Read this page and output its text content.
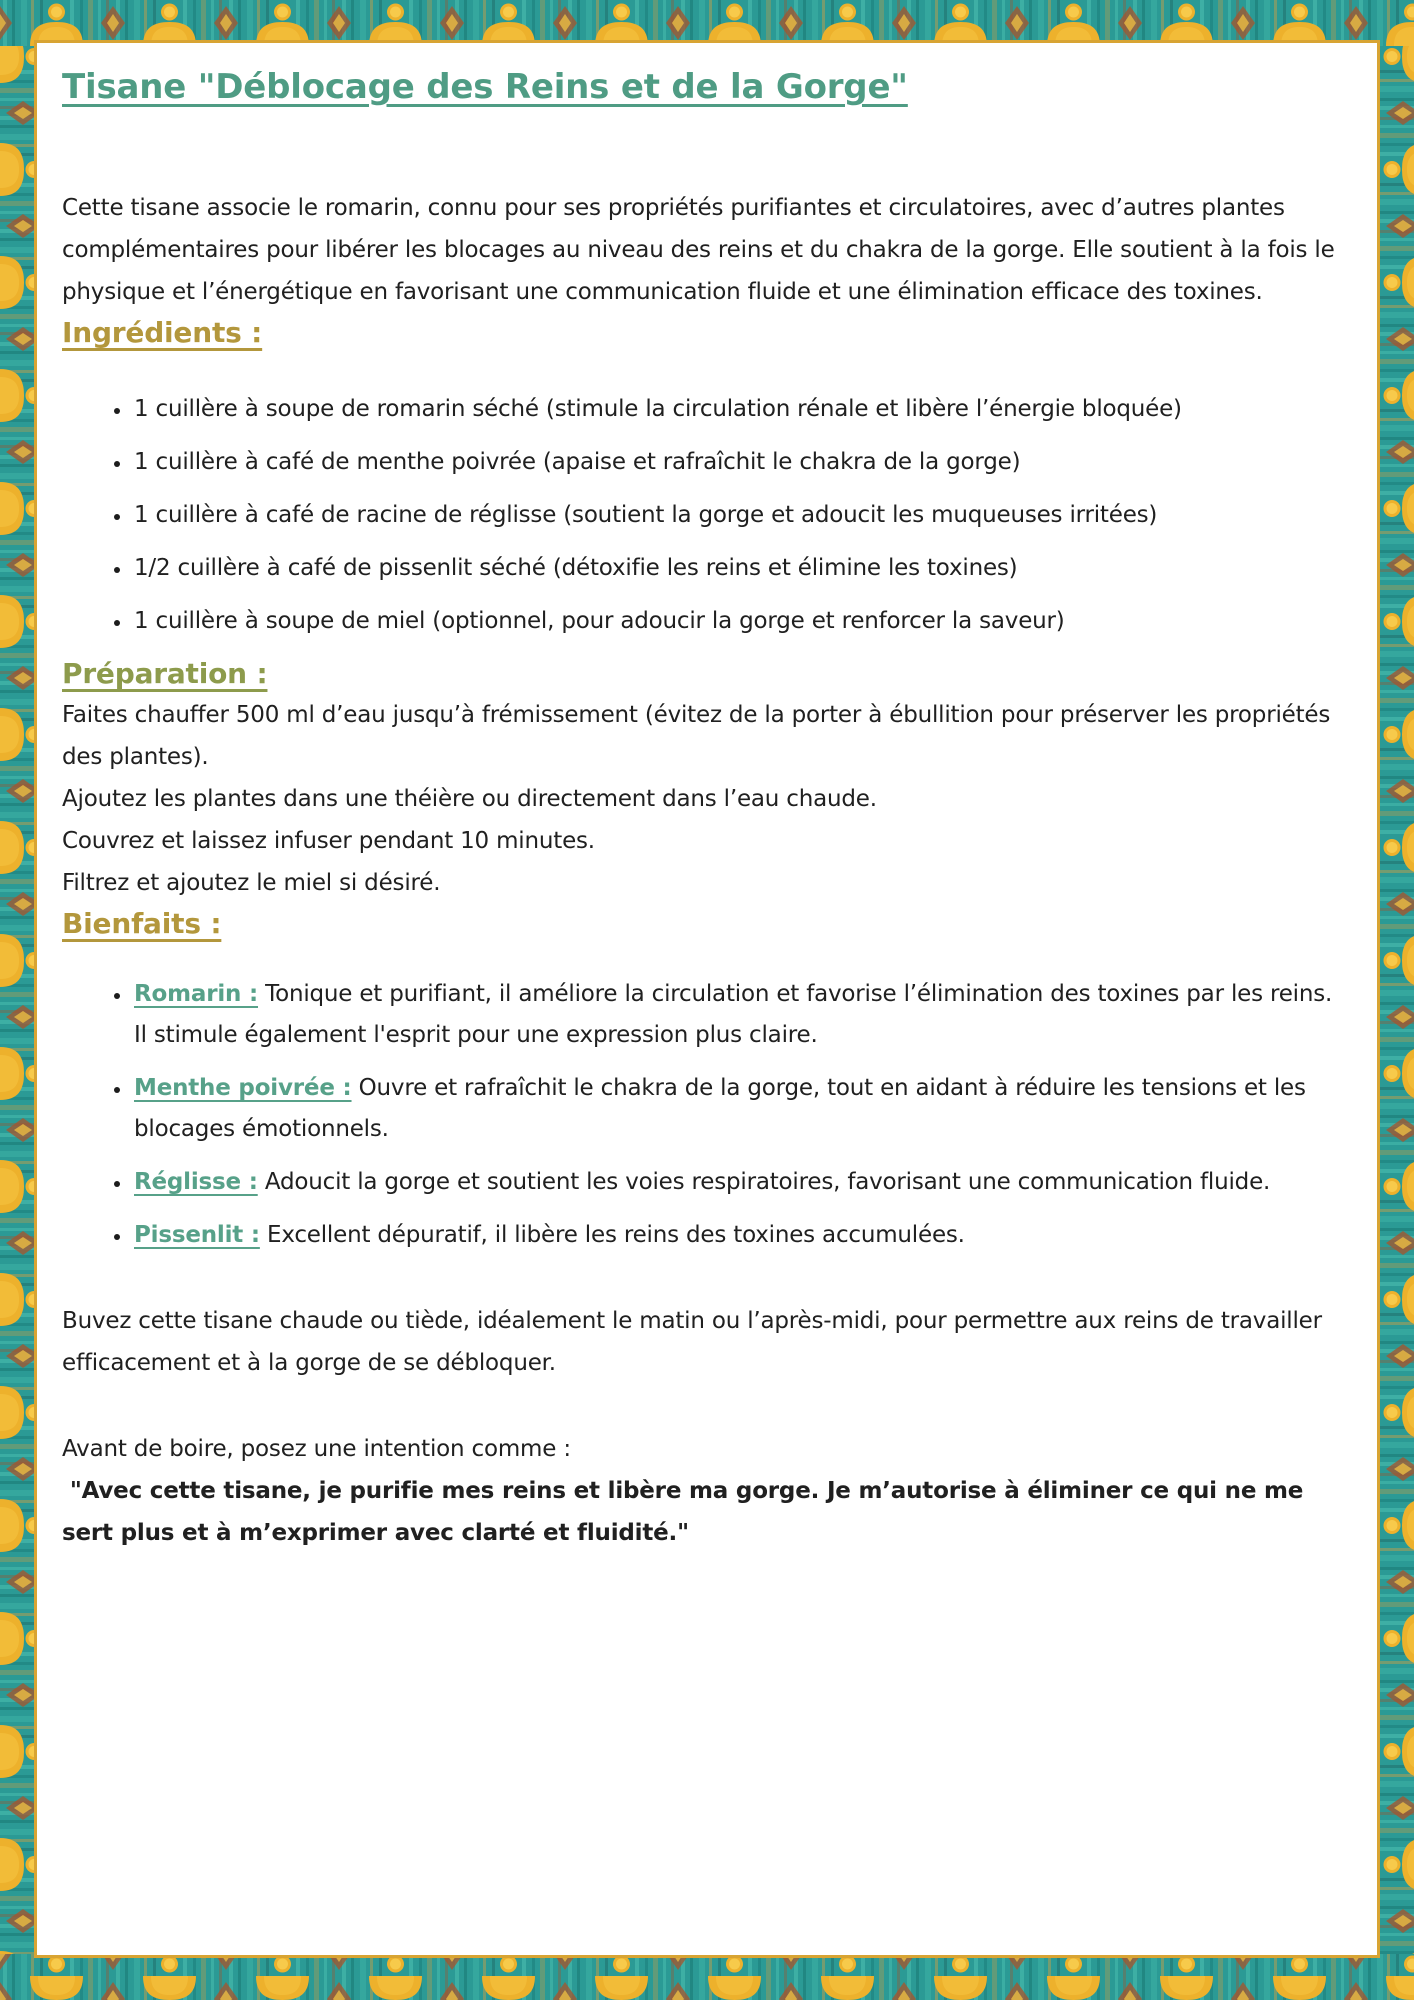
Tisane "Déblocage des Reins et de la Gorge"

Cette tisane associe le romarin, connu pour ses propriétés purifiantes et circulatoires, avec d’autres plantes complémentaires pour libérer les blocages au niveau des reins et du chakra de la gorge. Elle soutient à la fois le physique et l’énergétique en favorisant une communication fluide et une élimination efficace des toxines.

Ingrédients :
• 1 cuillère à soupe de romarin séché (stimule la circulation rénale et libère l’énergie bloquée)
• 1 cuillère à café de menthe poivrée (apaise et rafraîchit le chakra de la gorge)
• 1 cuillère à café de racine de réglisse (soutient la gorge et adoucit les muqueuses irritées)
• 1/2 cuillère à café de pissenlit séché (détoxifie les reins et élimine les toxines)
• 1 cuillère à soupe de miel (optionnel, pour adoucir la gorge et renforcer la saveur)
Préparation :

Faites chauffer 500 ml d’eau jusqu’à frémissement (évitez de la porter à ébullition pour préserver les propriétés des plantes).

Ajoutez les plantes dans une théière ou directement dans l’eau chaude.

Couvrez et laissez infuser pendant 10 minutes.

Filtrez et ajoutez le miel si désiré.

Bienfaits :
• Romarin : Tonique et purifiant, il améliore la circulation et favorise l’élimination des toxines par les reins. Il stimule également l'esprit pour une expression plus claire.
• Menthe poivrée : Ouvre et rafraîchit le chakra de la gorge, tout en aidant à réduire les tensions et les blocages émotionnels.
• Réglisse : Adoucit la gorge et soutient les voies respiratoires, favorisant une communication fluide.
• Pissenlit : Excellent dépuratif, il libère les reins des toxines accumulées.

Buvez cette tisane chaude ou tiède, idéalement le matin ou l’après-midi, pour permettre aux reins de travailler efficacement et à la gorge de se débloquer.

Avant de boire, posez une intention comme :

"Avec cette tisane, je purifie mes reins et libère ma gorge. Je m’autorise à éliminer ce qui ne me sert plus et à m’exprimer avec clarté et fluidité."
